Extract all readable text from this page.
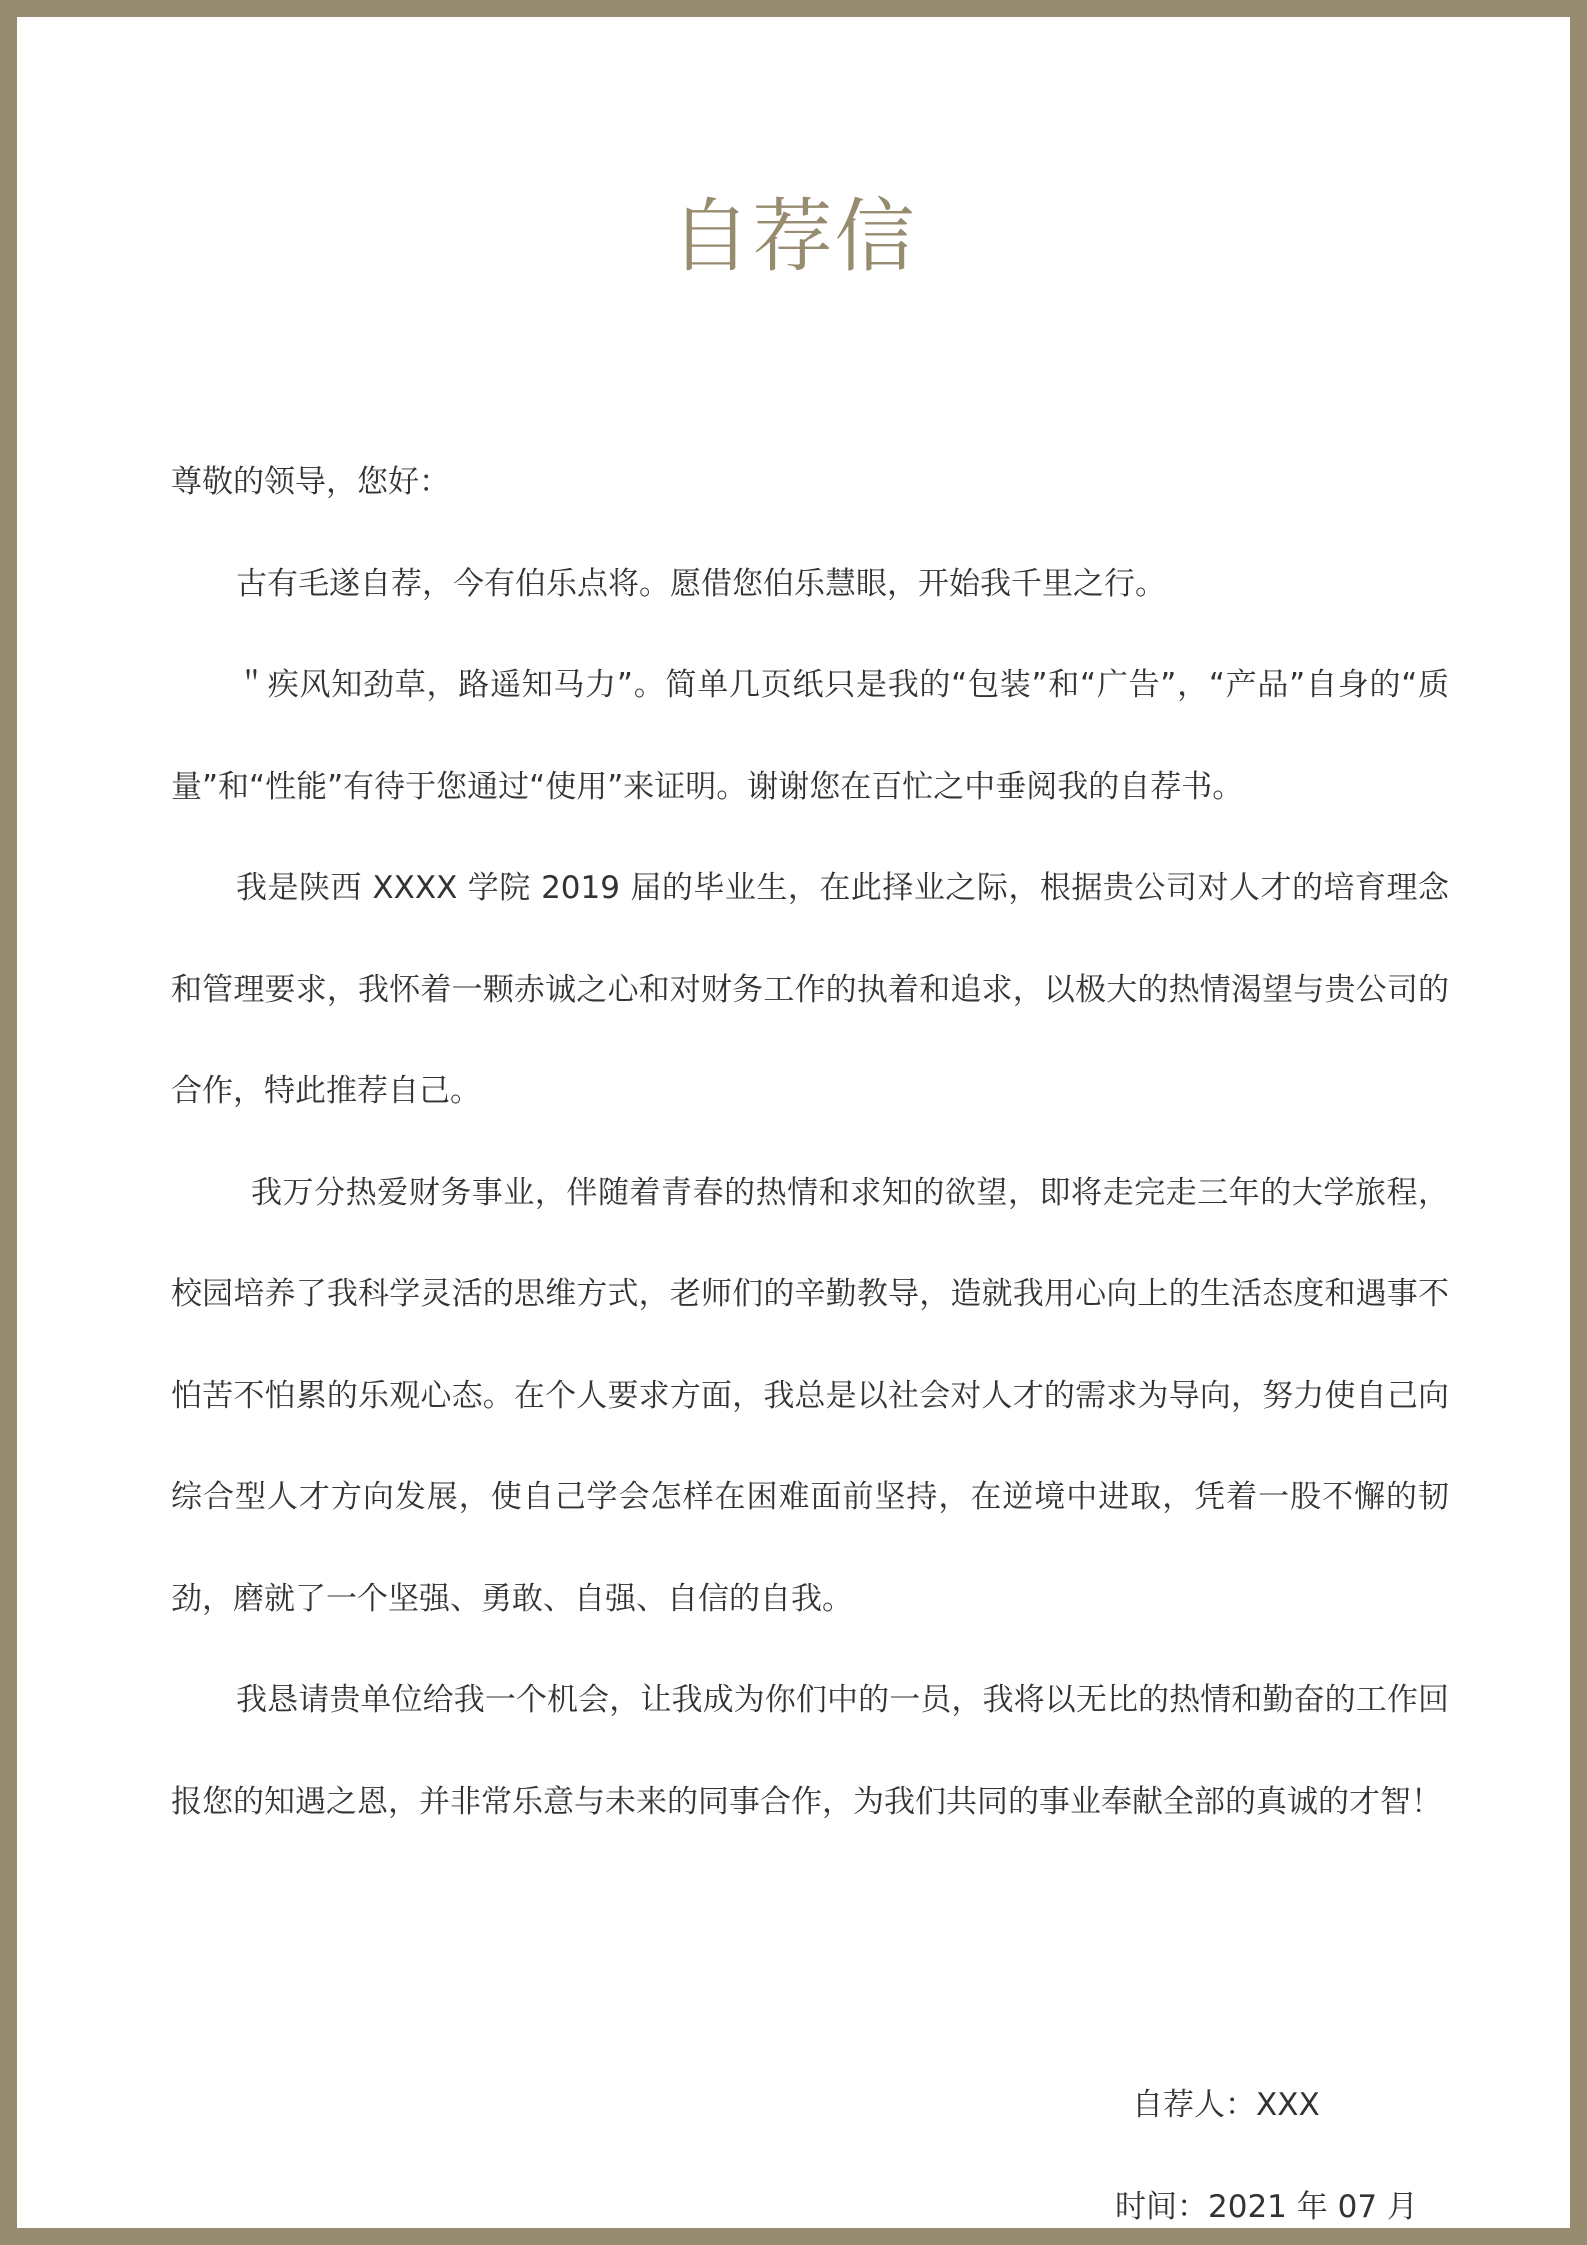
自荐信

尊敬的领导，您好：

古有毛遂自荐，今有伯乐点将。愿借您伯乐慧眼，开始我千里之行。

＂疾风知劲草，路遥知马力”。简单几页纸只是我的“包装”和“广告”，“产品”自身的“质量”和“性能”有待于您通过“使用”来证明。谢谢您在百忙之中垂阅我的自荐书。

我是陕西 XXXX 学院 2019 届的毕业生，在此择业之际，根据贵公司对人才的培育理念和管理要求，我怀着一颗赤诚之心和对财务工作的执着和追求，以极大的热情渴望与贵公司的合作，特此推荐自己。

我万分热爱财务事业，伴随着青春的热情和求知的欲望，即将走完走三年的大学旅程，校园培养了我科学灵活的思维方式，老师们的辛勤教导，造就我用心向上的生活态度和遇事不怕苦不怕累的乐观心态。在个人要求方面，我总是以社会对人才的需求为导向，努力使自己向综合型人才方向发展，使自己学会怎样在困难面前坚持，在逆境中进取，凭着一股不懈的韧劲，磨就了一个坚强、勇敢、自强、自信的自我。

我恳请贵单位给我一个机会，让我成为你们中的一员，我将以无比的热情和勤奋的工作回报您的知遇之恩，并非常乐意与未来的同事合作，为我们共同的事业奉献全部的真诚的才智！

自荐人：XXX
时间：2021 年 07 月
